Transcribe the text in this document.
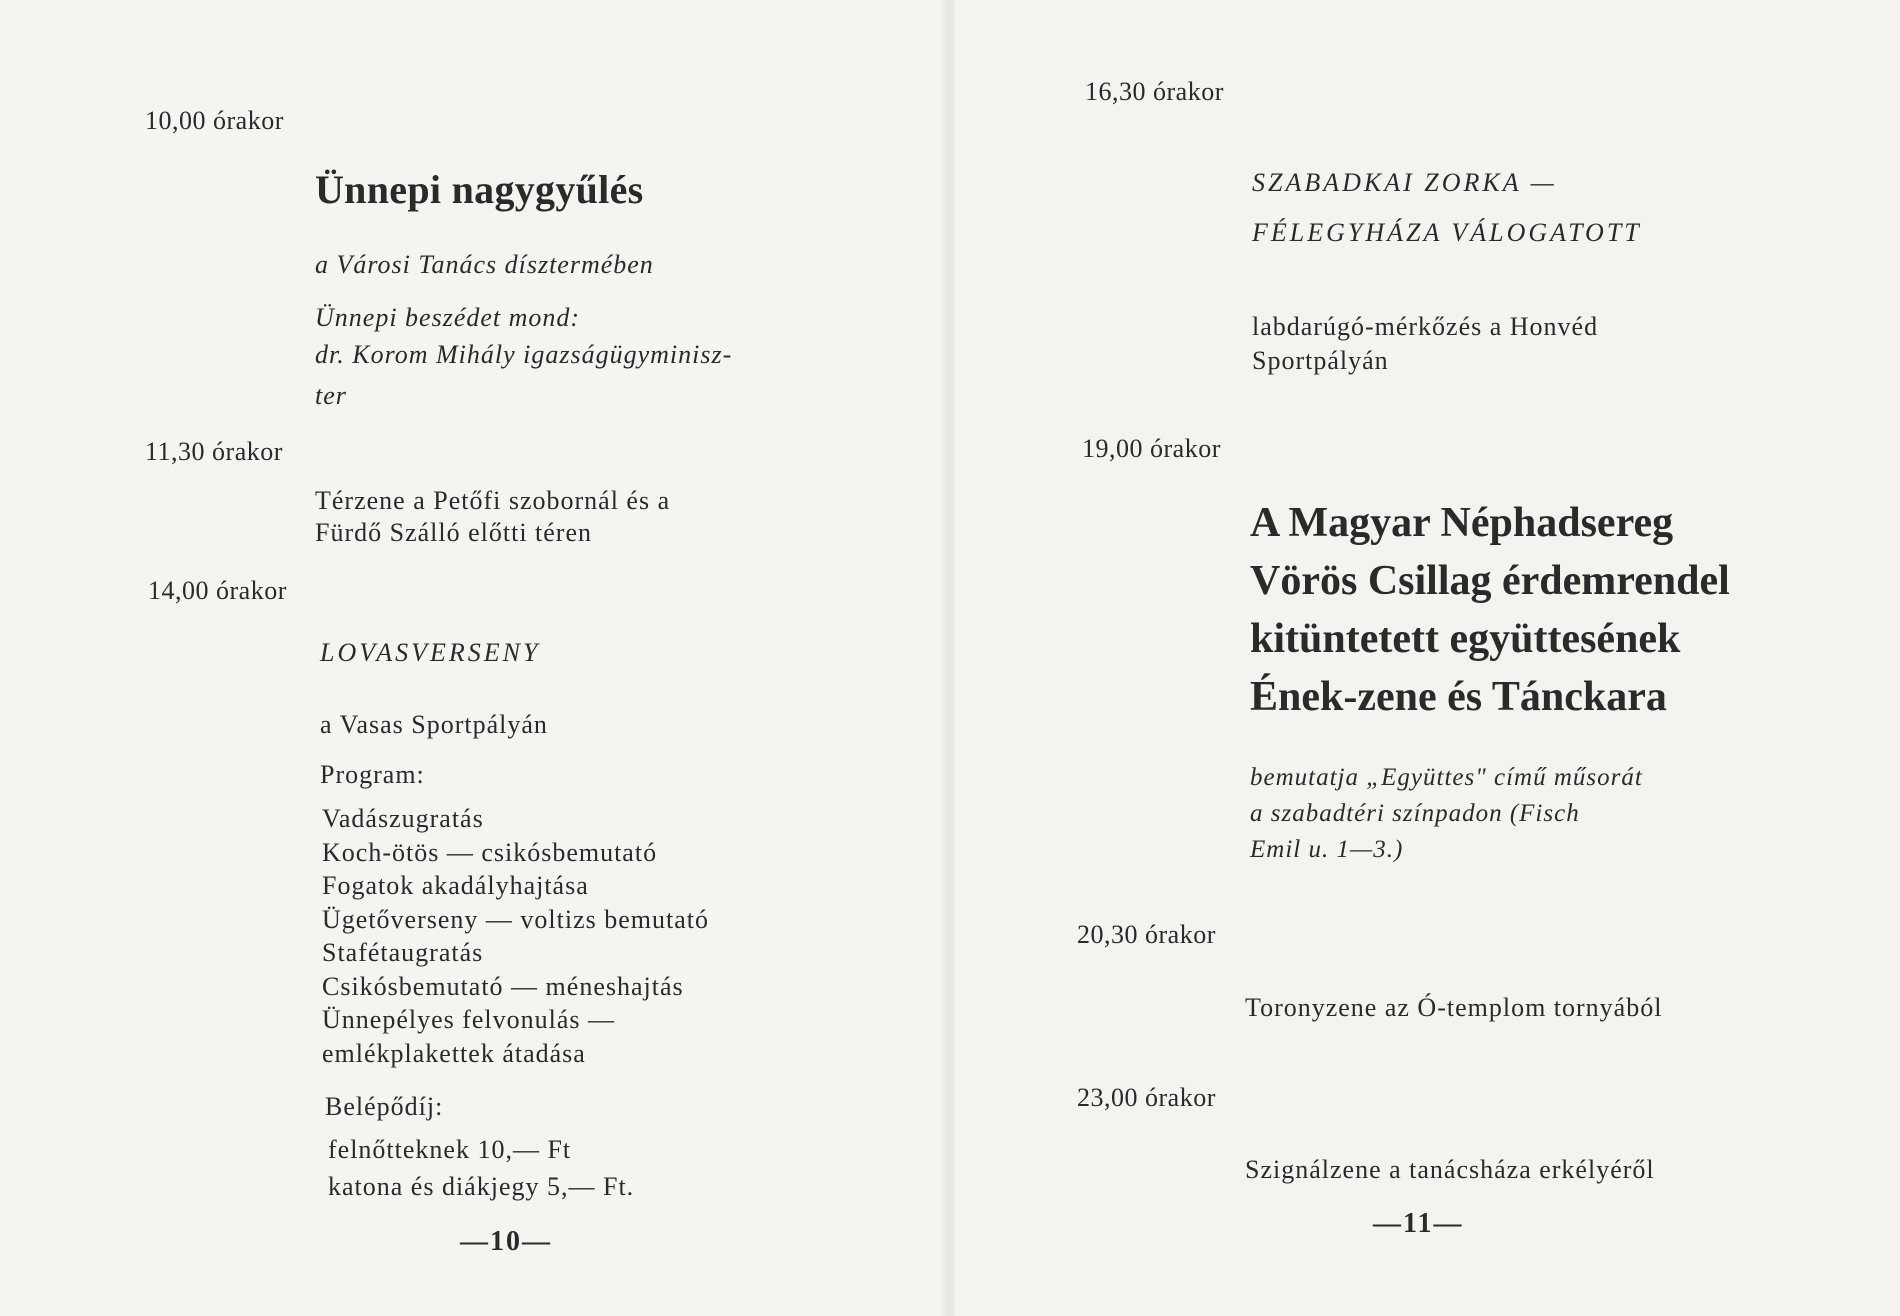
10,00 órakor
Ünnepi nagygyűlés
a Városi Tanács dísztermében
Ünnepi beszédet mond:
dr. Korom Mihály igazságügyminisz-
ter
11,30 órakor
Térzene a Petőfi szobornál és a
Fürdő Szálló előtti téren
14,00 órakor
LOVASVERSENY
a Vasas Sportpályán
Program:
Vadászugratás
Koch-ötös — csikósbemutató
Fogatok akadályhajtása
Ügetőverseny — voltizs bemutató
Stafétaugratás
Csikósbemutató — méneshajtás
Ünnepélyes felvonulás —
emlékplakettek átadása
Belépődíj:
felnőtteknek 10,— Ft
katona és diákjegy 5,— Ft.
—10—
16,30 órakor
SZABADKAI ZORKA —
FÉLEGYHÁZA VÁLOGATOTT
labdarúgó-mérkőzés a Honvéd
Sportpályán
19,00 órakor
A Magyar Néphadsereg
Vörös Csillag érdemrendel
kitüntetett együttesének
Ének-zene és Tánckara
bemutatja „Együttes" című műsorát
a szabadtéri színpadon (Fisch
Emil u. 1—3.)
20,30 órakor
Toronyzene az Ó-templom tornyából
23,00 órakor
Szignálzene a tanácsháza erkélyéről
—11—
